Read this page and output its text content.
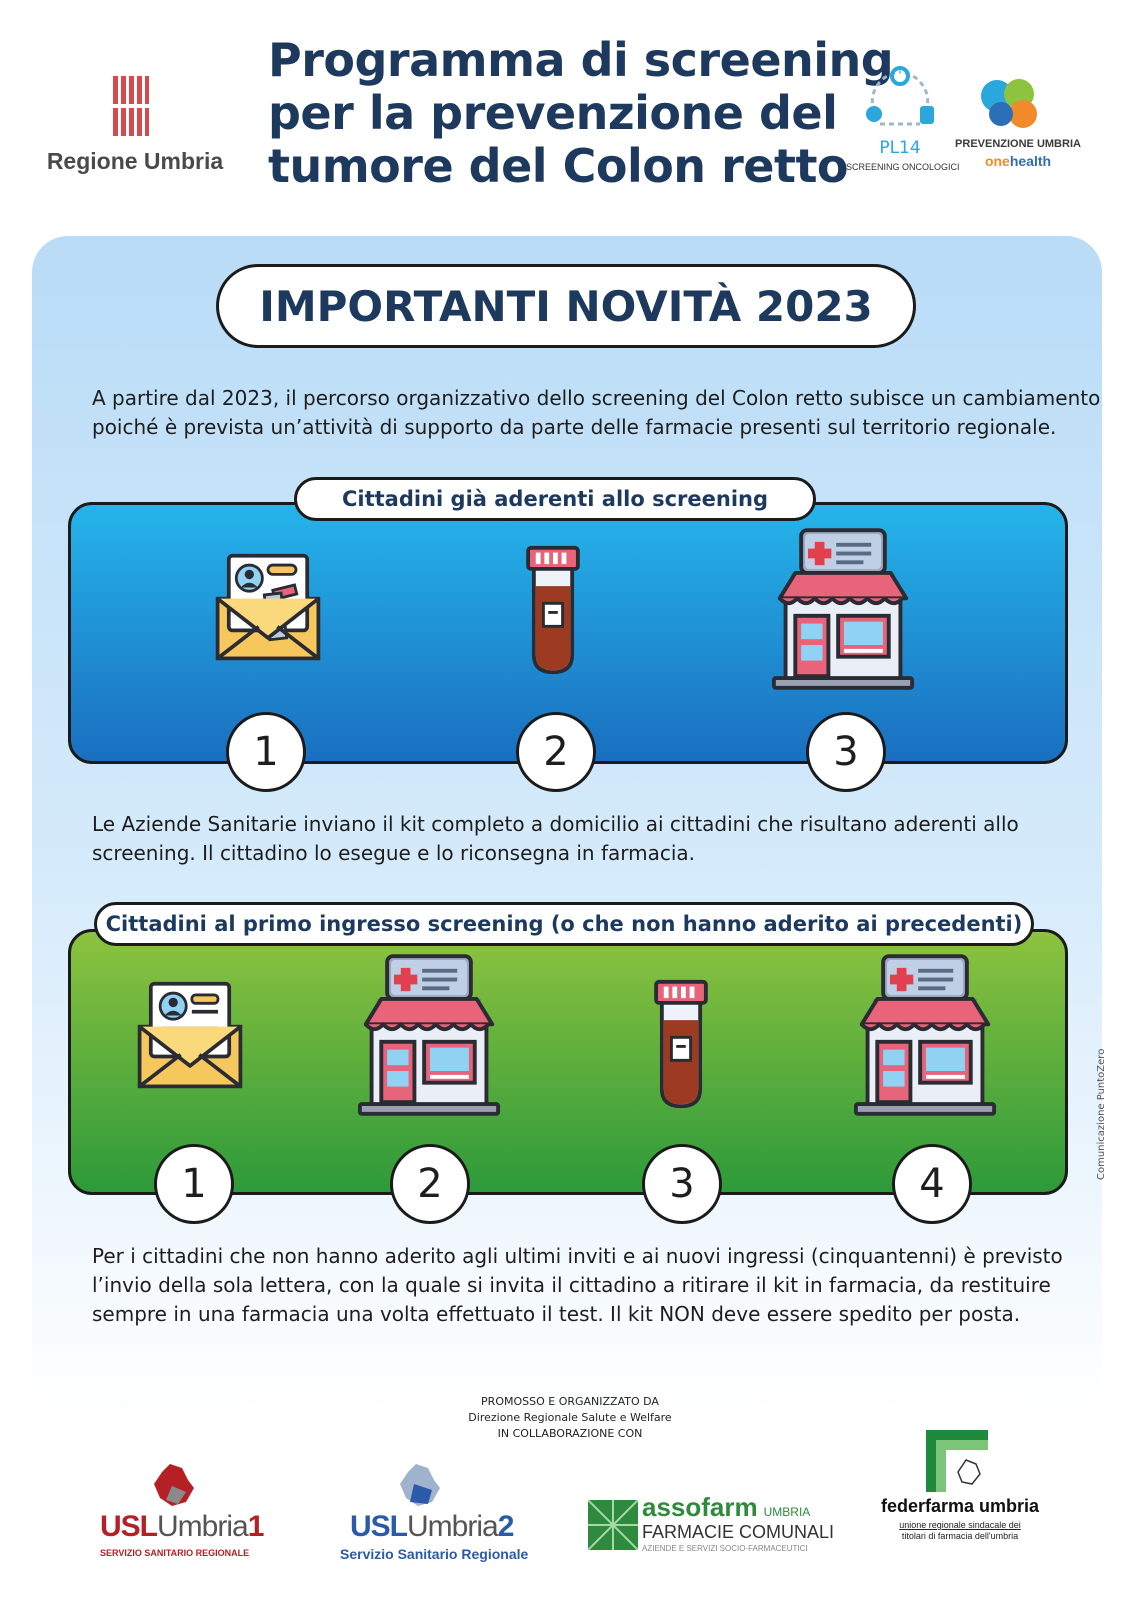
Regione Umbria
Programma di screening
per la prevenzione del
tumore del Colon retto	PL14
SCREENING ONCOLOGICI
PREVENZIONE UMBRIA
onehealth
IMPORTANTI NOVITÀ 2023
A partire dal 2023, il percorso organizzativo dello screening del Colon retto subisce un cambiamento
poiché è prevista un’attività di supporto da parte delle farmacie presenti sul territorio regionale.
Cittadini già aderenti allo screening
1	2	3
Le Aziende Sanitarie inviano il kit completo a domicilio ai cittadini che risultano aderenti allo
screening. Il cittadino lo esegue e lo riconsegna in farmacia.
Cittadini al primo ingresso screening (o che non hanno aderito ai precedenti)
1	2	3	4
Per i cittadini che non hanno aderito agli ultimi inviti e ai nuovi ingressi (cinquantenni) è previsto
l’invio della sola lettera, con la quale si invita il cittadino a ritirare il kit in farmacia, da restituire
sempre in una farmacia una volta effettuato il test. Il kit NON deve essere spedito per posta.
Comunicazione PuntoZero
PROMOSSO E ORGANIZZATO DA
Direzione Regionale Salute e Welfare
IN COLLABORAZIONE CON
USLUmbria1
SERVIZIO SANITARIO REGIONALE
USLUmbria2
Servizio Sanitario Regionale
assofarm UMBRIA
FARMACIE COMUNALI
AZIENDE E SERVIZI SOCIO-FARMACEUTICI
federfarma umbria
unione regionale sindacale dei
titolari di farmacia dell'umbria
